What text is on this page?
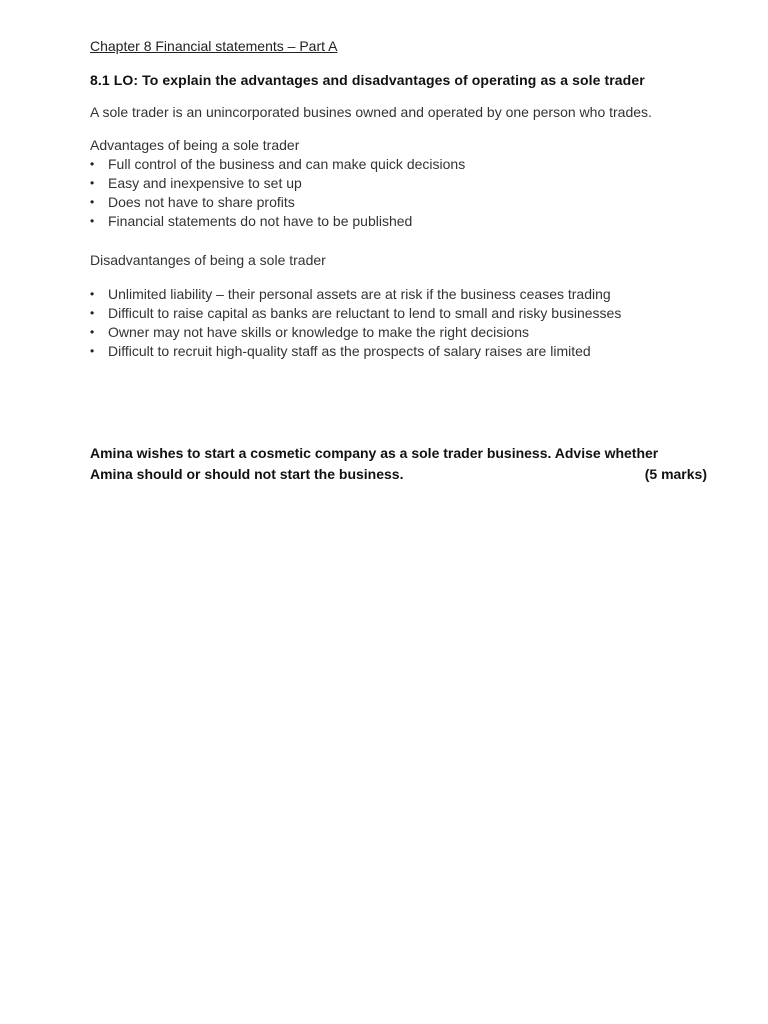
Chapter 8 Financial statements – Part A

8.1 LO: To explain the advantages and disadvantages of operating as a sole trader

A sole trader is an unincorporated busines owned and operated by one person who trades.

Advantages of being a sole trader

• Full control of the business and can make quick decisions
• Easy and inexpensive to set up
• Does not have to share profits
• Financial statements do not have to be published

Disadvantanges of being a sole trader

• Unlimited liability – their personal assets are at risk if the business ceases trading
• Difficult to raise capital as banks are reluctant to lend to small and risky businesses
• Owner may not have skills or knowledge to make the right decisions
• Difficult to recruit high-quality staff as the prospects of salary raises are limited
Amina wishes to start a cosmetic company as a sole trader business. Advise whether
Amina should or should not start the business.	(5 marks)
